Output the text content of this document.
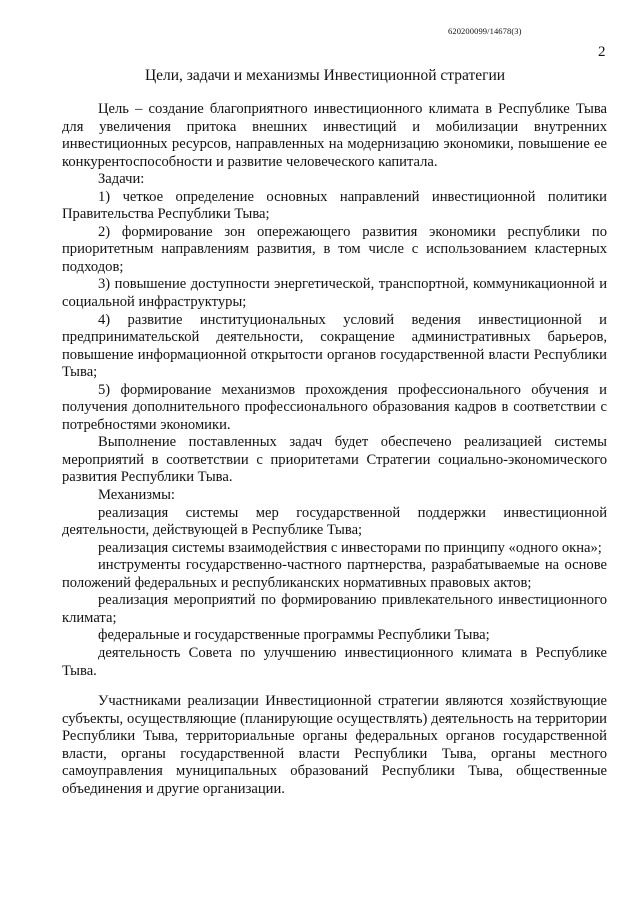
620200099/14678(3)
2
Цели, задачи и механизмы Инвестиционной стратегии

Цель – создание благоприятного инвестиционного климата в Республике Тыва для увеличения притока внешних инвестиций и мобилизации внутренних инвестиционных ресурсов, направленных на модернизацию экономики, повышение ее конкурентоспособности и развитие человеческого капитала.

Задачи:

1) четкое определение основных направлений инвестиционной политики Правительства Республики Тыва;

2) формирование зон опережающего развития экономики республики по приоритетным направлениям развития, в том числе с использованием кластерных подходов;

3) повышение доступности энергетической, транспортной, коммуникационной и социальной инфраструктуры;

4) развитие институциональных условий ведения инвестиционной и предпринимательской деятельности, сокращение административных барьеров, повышение информационной открытости органов государственной власти Республики Тыва;

5) формирование механизмов прохождения профессионального обучения и получения дополнительного профессионального образования кадров в соответствии с потребностями экономики.

Выполнение поставленных задач будет обеспечено реализацией системы мероприятий в соответствии с приоритетами Стратегии социально-экономического развития Республики Тыва.

Механизмы:

реализация системы мер государственной поддержки инвестиционной деятельности, действующей в Республике Тыва;

реализация системы взаимодействия с инвесторами по принципу «одного окна»;

инструменты государственно-частного партнерства, разрабатываемые на основе положений федеральных и республиканских нормативных правовых актов;

реализация мероприятий по формированию привлекательного инвестиционного климата;

федеральные и государственные программы Республики Тыва;

деятельность Совета по улучшению инвестиционного климата в Республике Тыва.

Участниками реализации Инвестиционной стратегии являются хозяйствующие субъекты, осуществляющие (планирующие осуществлять) деятельность на территории Республики Тыва, территориальные органы федеральных органов государственной власти, органы государственной власти Республики Тыва, органы местного самоуправления муниципальных образований Республики Тыва, общественные объединения и другие организации.
